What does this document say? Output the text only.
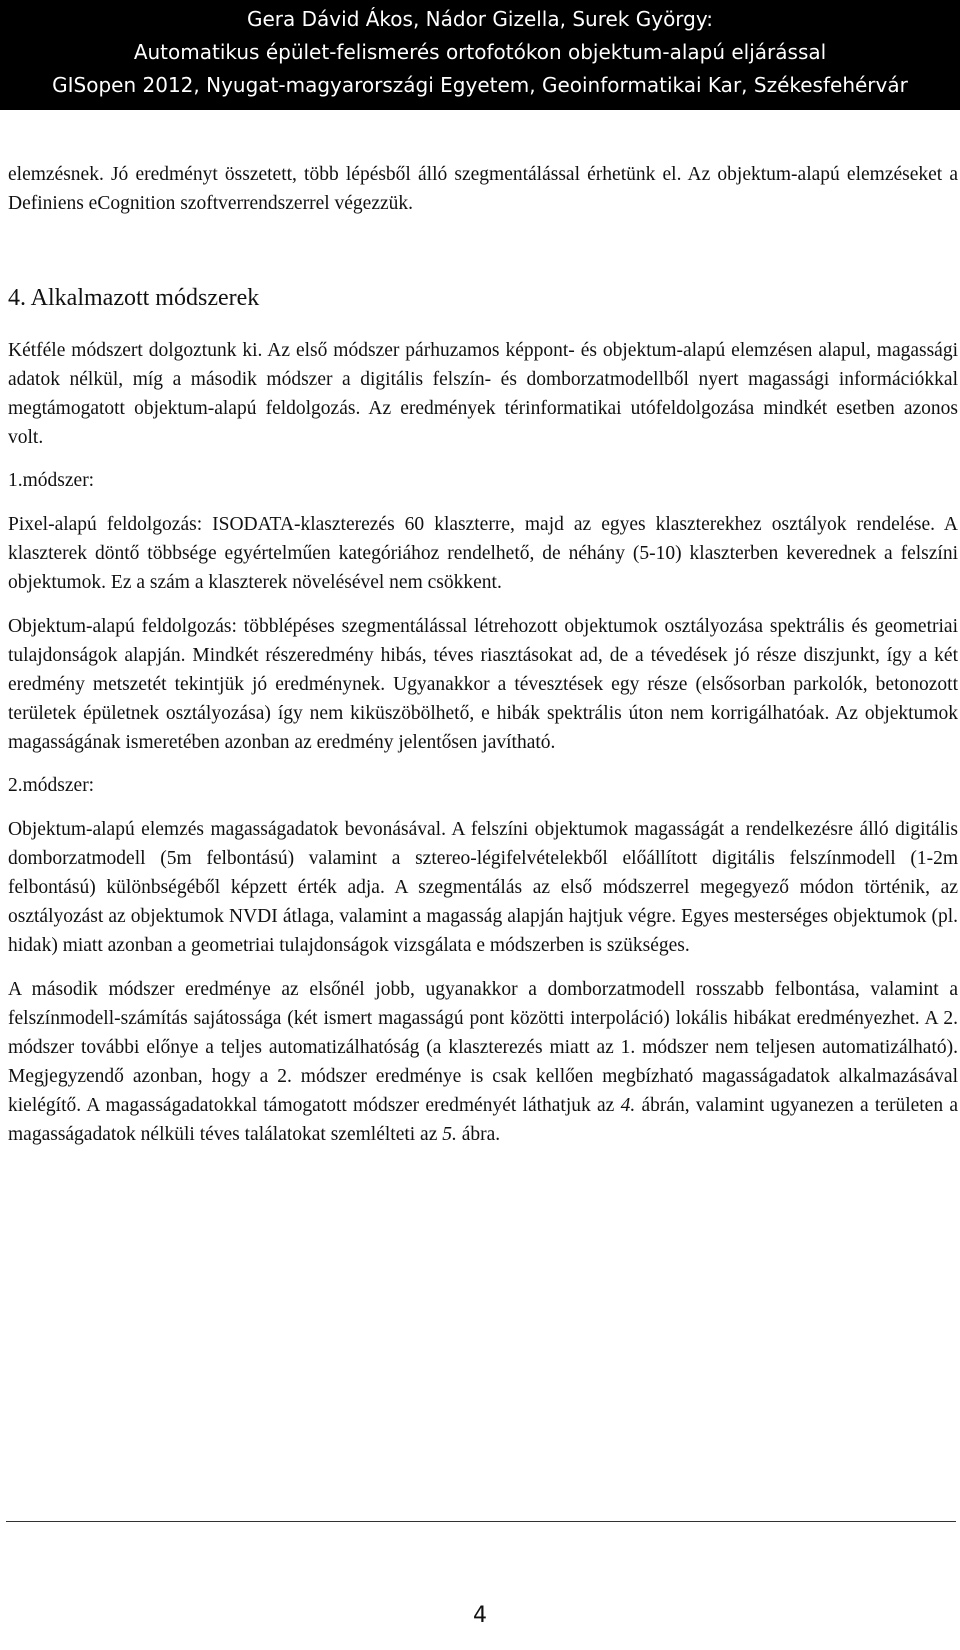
Gera Dávid Ákos, Nádor Gizella, Surek György:
Automatikus épület-felismerés ortofotókon objektum-alapú eljárással
GISopen 2012, Nyugat-magyarországi Egyetem, Geoinformatikai Kar, Székesfehérvár

elemzésnek. Jó eredményt összetett, több lépésből álló szegmentálással érhetünk el. Az objektum-alapú elemzéseket a Definiens eCognition szoftverrendszerrel végezzük.

4. Alkalmazott módszerek

Kétféle módszert dolgoztunk ki. Az első módszer párhuzamos képpont- és objektum-alapú elemzésen alapul, magassági adatok nélkül, míg a második módszer a digitális felszín- és domborzatmodellből nyert magassági információkkal megtámogatott objektum-alapú feldolgozás. Az eredmények térinformatikai utófeldolgozása mindkét esetben azonos volt.

1.módszer:

Pixel-alapú feldolgozás: ISODATA-klaszterezés 60 klaszterre, majd az egyes klaszterekhez osztályok rendelése. A klaszterek döntő többsége egyértelműen kategóriához rendelhető, de néhány (5-10) klaszterben keverednek a felszíni objektumok. Ez a szám a klaszterek növelésével nem csökkent.

Objektum-alapú feldolgozás: többlépéses szegmentálással létrehozott objektumok osztályozása spektrális és geometriai tulajdonságok alapján. Mindkét részeredmény hibás, téves riasztásokat ad, de a tévedések jó része diszjunkt, így a két eredmény metszetét tekintjük jó eredménynek. Ugyanakkor a tévesztések egy része (elsősorban parkolók, betonozott területek épületnek osztályozása) így nem kiküszöbölhető, e hibák spektrális úton nem korrigálhatóak. Az objektumok magasságának ismeretében azonban az eredmény jelentősen javítható.

2.módszer:

Objektum-alapú elemzés magasságadatok bevonásával. A felszíni objektumok magasságát a rendelkezésre álló digitális domborzatmodell (5m felbontású) valamint a sztereo-légifelvételekből előállított digitális felszínmodell (1-2m felbontású) különbségéből képzett érték adja. A szegmentálás az első módszerrel megegyező módon történik, az osztályozást az objektumok NVDI átlaga, valamint a magasság alapján hajtjuk végre. Egyes mesterséges objektumok (pl. hidak) miatt azonban a geometriai tulajdonságok vizsgálata e módszerben is szükséges.

A második módszer eredménye az elsőnél jobb, ugyanakkor a domborzatmodell rosszabb felbontása, valamint a felszínmodell-számítás sajátossága (két ismert magasságú pont közötti interpoláció) lokális hibákat eredményezhet. A 2. módszer további előnye a teljes automatizálhatóság (a klaszterezés miatt az 1. módszer nem teljesen automatizálható). Megjegyzendő azonban, hogy a 2. módszer eredménye is csak kellően megbízható magasságadatok alkalmazásával kielégítő. A magasságadatokkal támogatott módszer eredményét láthatjuk az 4. ábrán, valamint ugyanezen a területen a magasságadatok nélküli téves találatokat szemlélteti az 5. ábra.

4
